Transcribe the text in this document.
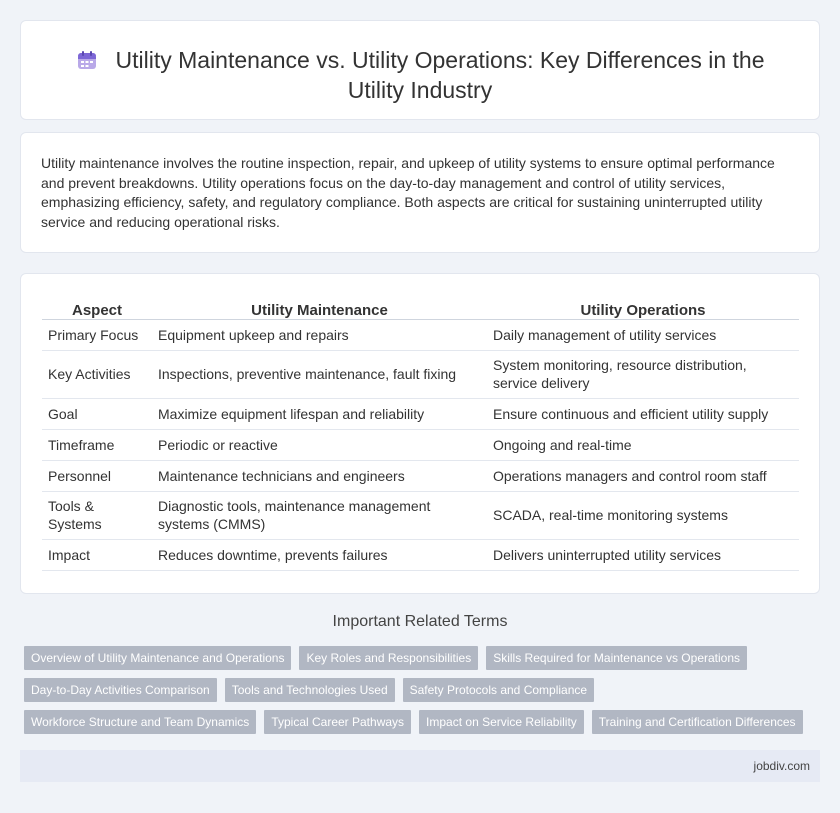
Utility Maintenance vs. Utility Operations: Key Differences in the Utility Industry

Utility maintenance involves the routine inspection, repair, and upkeep of utility systems to ensure optimal performance and prevent breakdowns. Utility operations focus on the day-to-day management and control of utility services, emphasizing efficiency, safety, and regulatory compliance. Both aspects are critical for sustaining uninterrupted utility service and reducing operational risks.

Aspect	Utility Maintenance	Utility Operations
Primary Focus	Equipment upkeep and repairs	Daily management of utility services
Key Activities	Inspections, preventive maintenance, fault fixing	System monitoring, resource distribution, service delivery
Goal	Maximize equipment lifespan and reliability	Ensure continuous and efficient utility supply
Timeframe	Periodic or reactive	Ongoing and real-time
Personnel	Maintenance technicians and engineers	Operations managers and control room staff
Tools & Systems	Diagnostic tools, maintenance management systems (CMMS)	SCADA, real-time monitoring systems
Impact	Reduces downtime, prevents failures	Delivers uninterrupted utility services
Important Related Terms
Overview of Utility Maintenance and Operations	Key Roles and Responsibilities	Skills Required for Maintenance vs Operations
Day-to-Day Activities Comparison	Tools and Technologies Used	Safety Protocols and Compliance
Workforce Structure and Team Dynamics	Typical Career Pathways	Impact on Service Reliability	Training and Certification Differences
jobdiv.com
